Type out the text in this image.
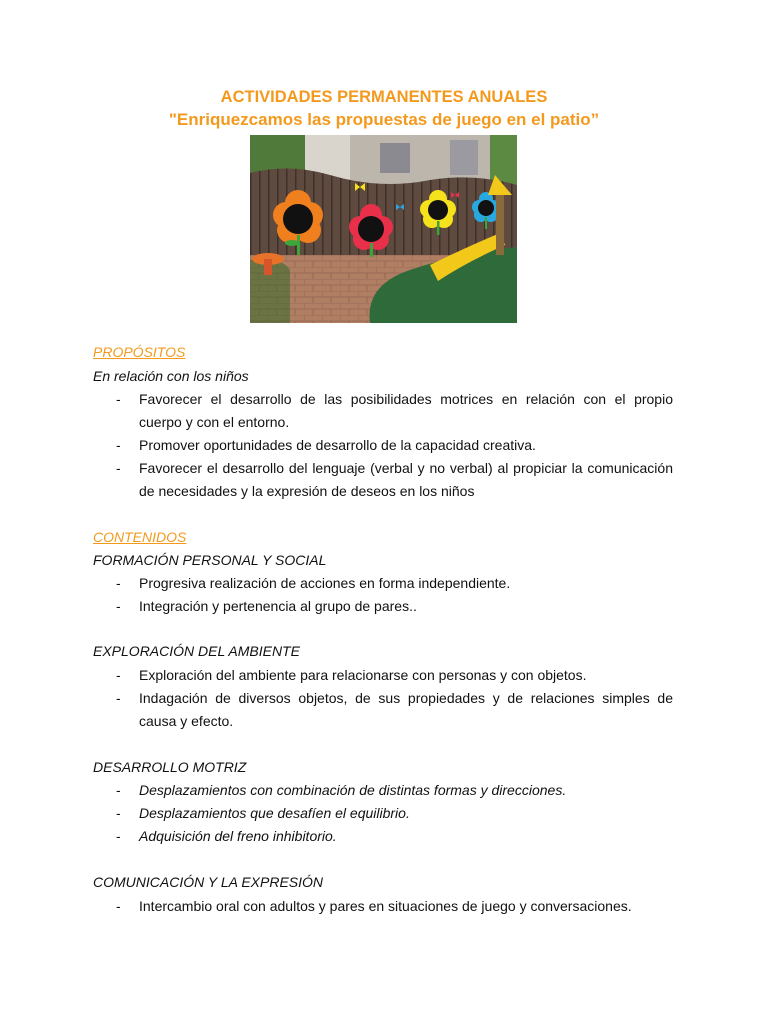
ACTIVIDADES PERMANENTES ANUALES
"Enriquezcamos las propuestas de juego en el patio”
PROPÓSITOS
En relación con los niños
- Favorecer el desarrollo de las posibilidades motrices en relación con el propio
cuerpo y con el entorno.
- Promover oportunidades de desarrollo de la capacidad creativa.
- Favorecer el desarrollo del lenguaje (verbal y no verbal) al propiciar la comunicación
de necesidades y la expresión de deseos en los niños
CONTENIDOS
FORMACIÓN PERSONAL Y SOCIAL
- Progresiva realización de acciones en forma independiente.
- Integración y pertenencia al grupo de pares..
EXPLORACIÓN DEL AMBIENTE
- Exploración del ambiente para relacionarse con personas y con objetos.
- Indagación de diversos objetos, de sus propiedades y de relaciones simples de
causa y efecto.
DESARROLLO MOTRIZ
- Desplazamientos con combinación de distintas formas y direcciones.
- Desplazamientos que desafíen el equilibrio.
- Adquisición del freno inhibitorio.
COMUNICACIÓN Y LA EXPRESIÓN
- Intercambio oral con adultos y pares en situaciones de juego y conversaciones.
